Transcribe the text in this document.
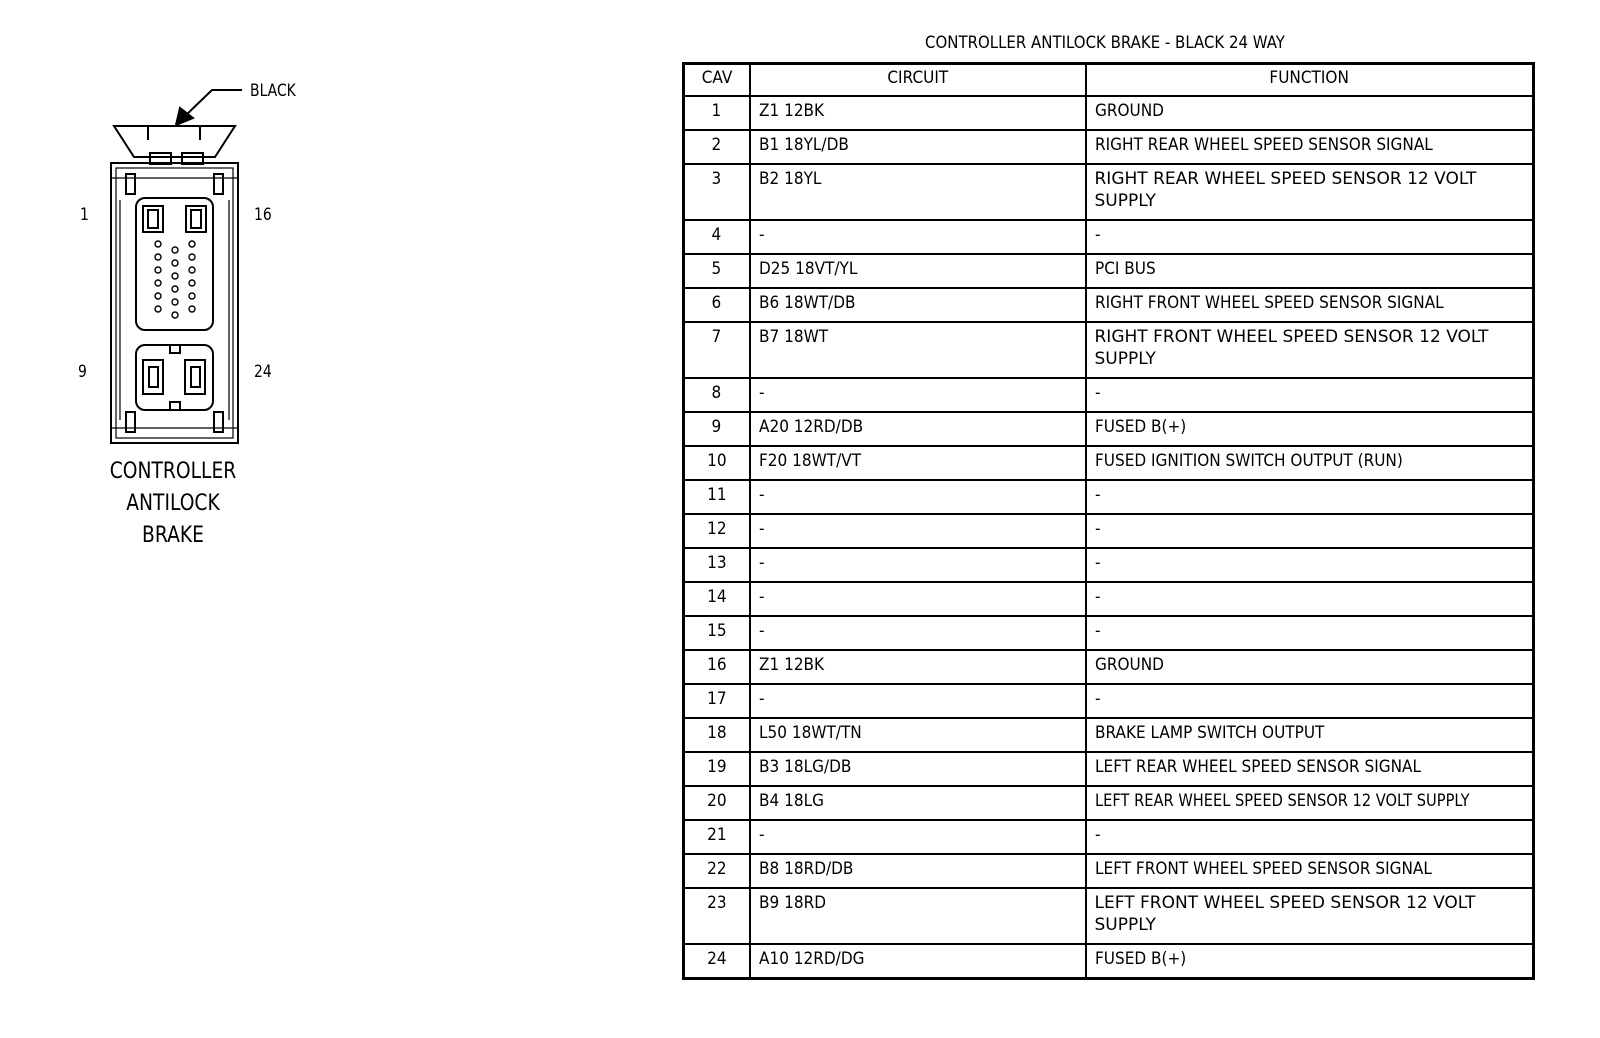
BLACK
1	16
9	24
CONTROLLER
ANTILOCK
BRAKE
CONTROLLER ANTILOCK BRAKE - BLACK 24 WAY
CAV	CIRCUIT	FUNCTION
1	Z1 12BK	GROUND
2	B1 18YL/DB	RIGHT REAR WHEEL SPEED SENSOR SIGNAL
3	B2 18YL	RIGHT REAR WHEEL SPEED SENSOR 12 VOLT SUPPLY
4	-	-
5	D25 18VT/YL	PCI BUS
6	B6 18WT/DB	RIGHT FRONT WHEEL SPEED SENSOR SIGNAL
7	B7 18WT	RIGHT FRONT WHEEL SPEED SENSOR 12 VOLT SUPPLY
8	-	-
9	A20 12RD/DB	FUSED B(+)
10	F20 18WT/VT	FUSED IGNITION SWITCH OUTPUT (RUN)
11	-	-
12	-	-
13	-	-
14	-	-
15	-	-
16	Z1 12BK	GROUND
17	-	-
18	L50 18WT/TN	BRAKE LAMP SWITCH OUTPUT
19	B3 18LG/DB	LEFT REAR WHEEL SPEED SENSOR SIGNAL
20	B4 18LG	LEFT REAR WHEEL SPEED SENSOR 12 VOLT SUPPLY
21	-	-
22	B8 18RD/DB	LEFT FRONT WHEEL SPEED SENSOR SIGNAL
23	B9 18RD	LEFT FRONT WHEEL SPEED SENSOR 12 VOLT SUPPLY
24	A10 12RD/DG	FUSED B(+)
